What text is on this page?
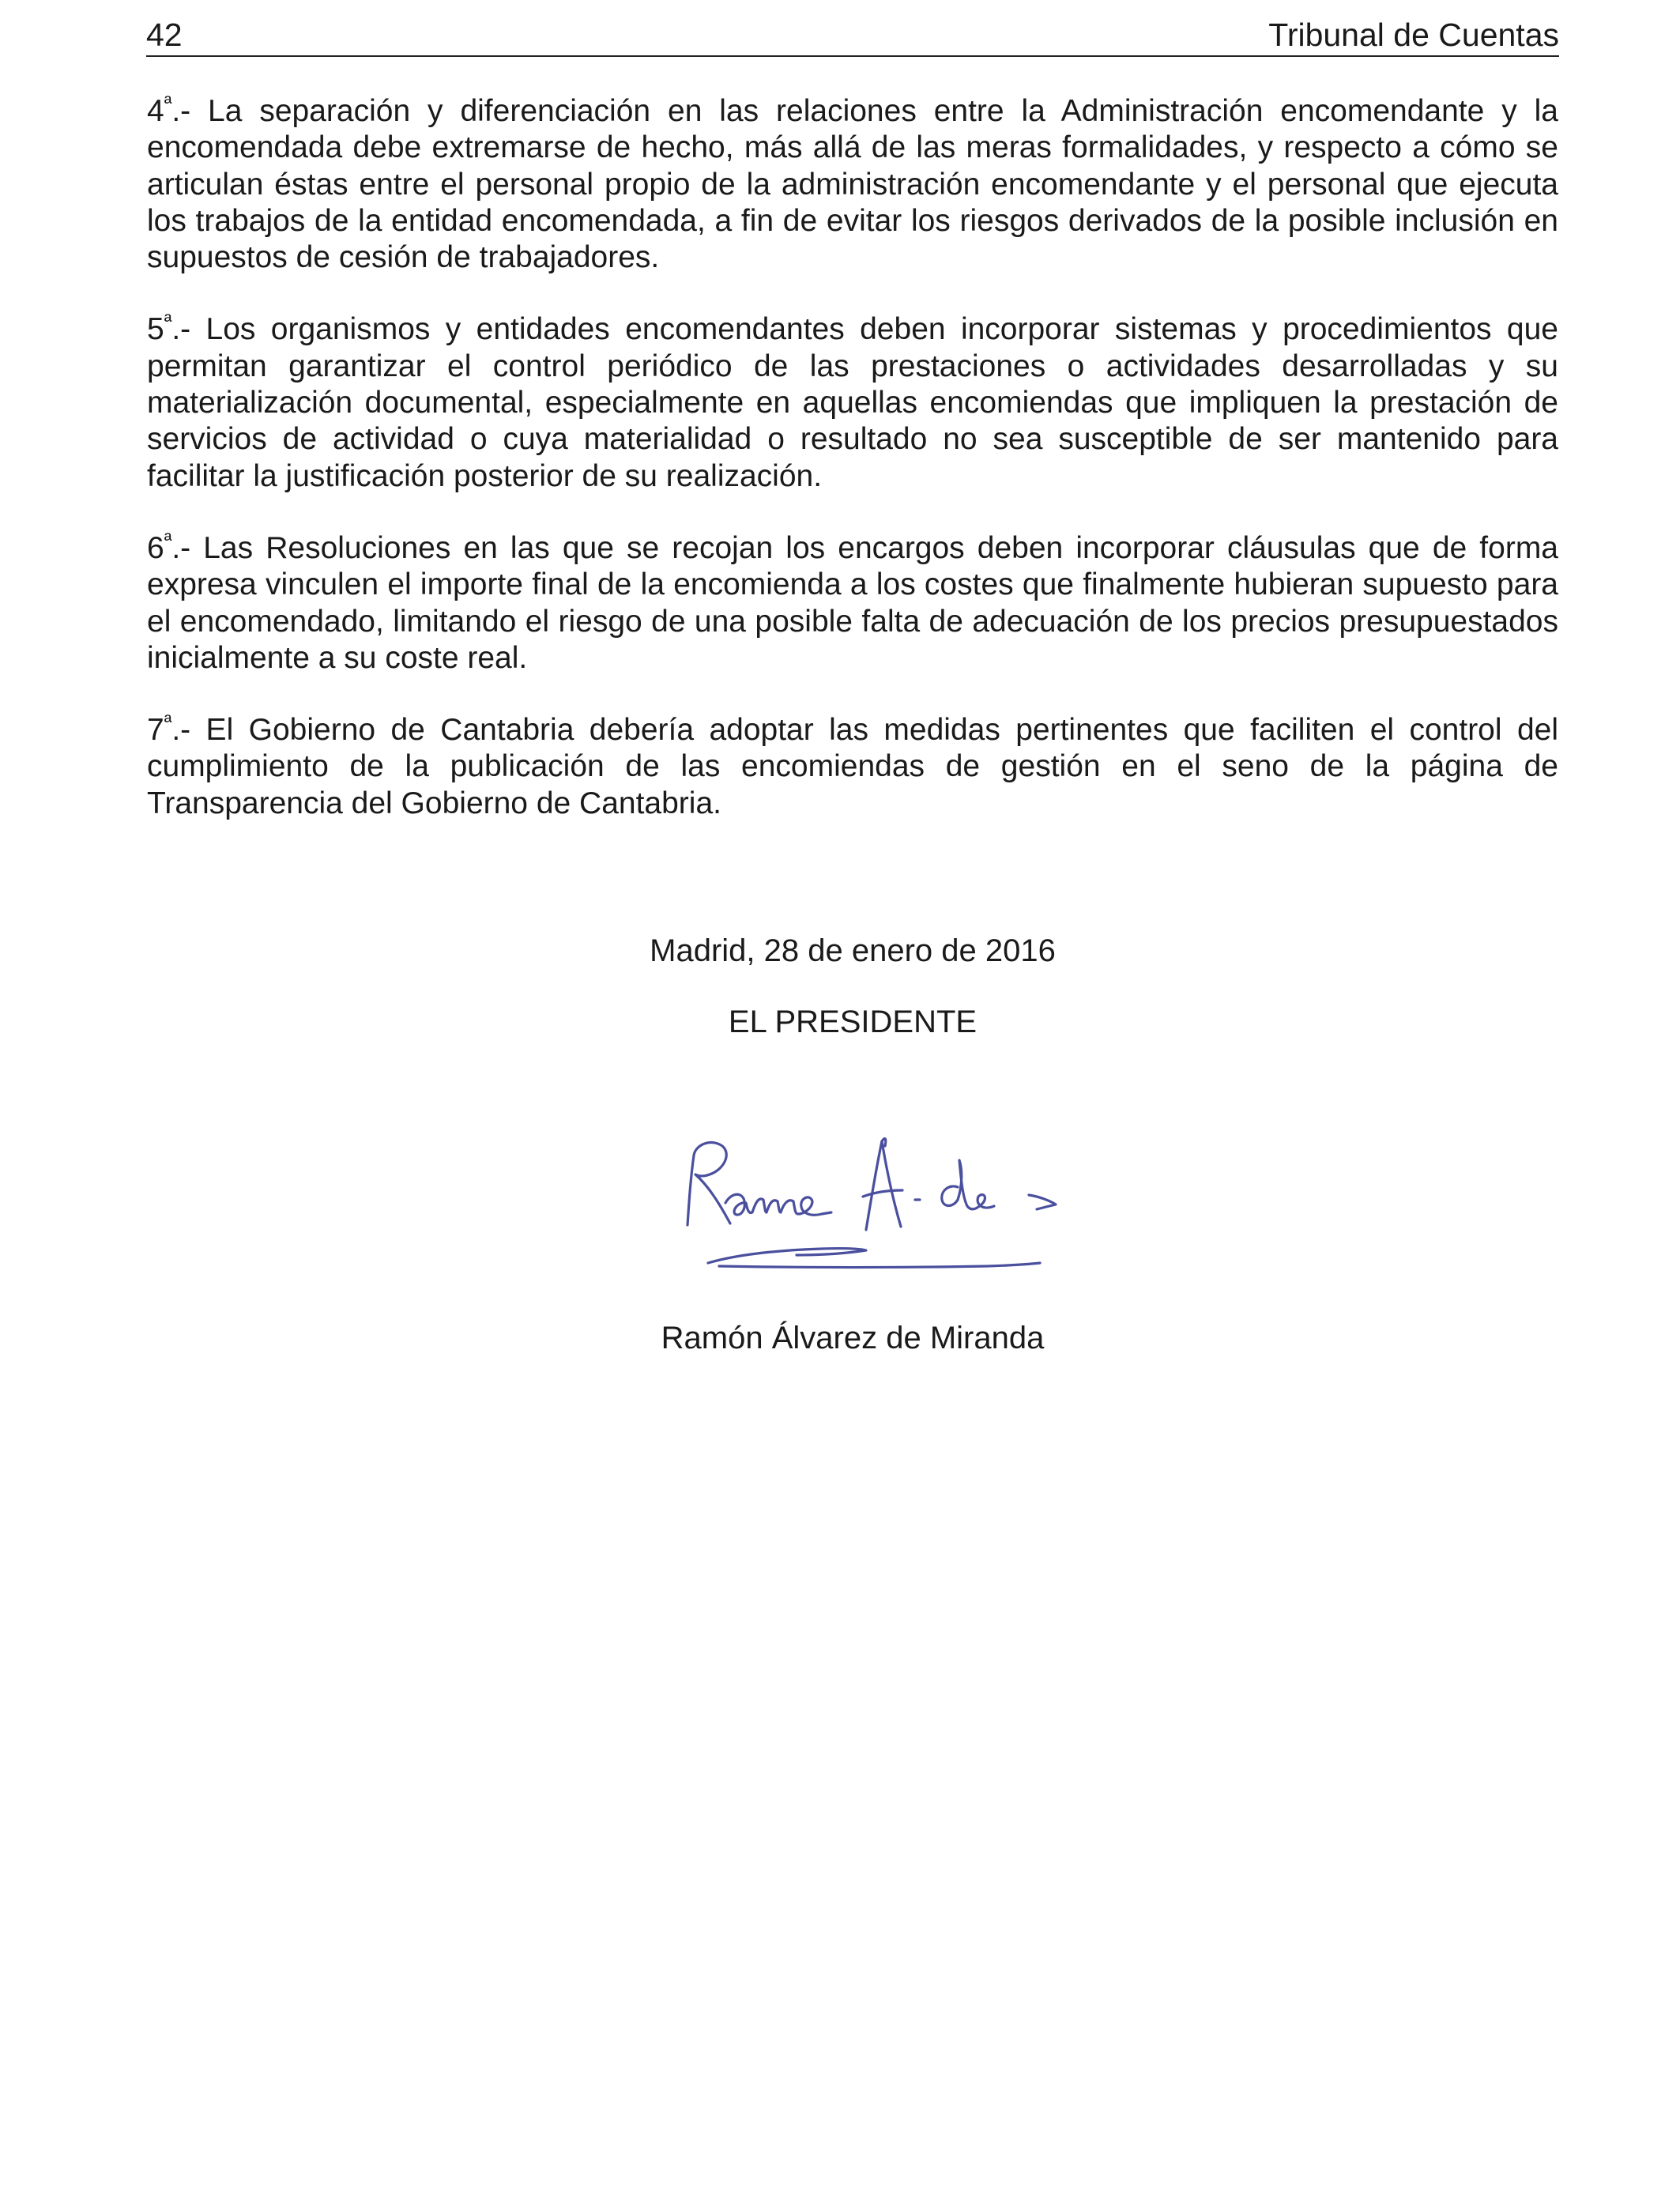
42	Tribunal de Cuentas

$4^ª.-$ La separación y diferenciación en las relaciones entre la Administración encomendante y la encomendada debe extremarse de hecho, más allá de las meras formalidades, y respecto a cómo se articulan éstas entre el personal propio de la administración encomendante y el personal que ejecuta los trabajos de la entidad encomendada, a fin de evitar los riesgos derivados de la posible inclusión en supuestos de cesión de trabajadores.

$5^ª.-$ Los organismos y entidades encomendantes deben incorporar sistemas y procedimientos que permitan garantizar el control periódico de las prestaciones o actividades desarrolladas y su materialización documental, especialmente en aquellas encomiendas que impliquen la prestación de servicios de actividad o cuya materialidad o resultado no sea susceptible de ser mantenido para facilitar la justificación posterior de su realización.

$6^ª.-$ Las Resoluciones en las que se recojan los encargos deben incorporar cláusulas que de forma expresa vinculen el importe final de la encomienda a los costes que finalmente hubieran supuesto para el encomendado, limitando el riesgo de una posible falta de adecuación de los precios presupuestados inicialmente a su coste real.

$7^ª.-$ El Gobierno de Cantabria debería adoptar las medidas pertinentes que faciliten el control del cumplimiento de la publicación de las encomiendas de gestión en el seno de la página de Transparencia del Gobierno de Cantabria.

Madrid, 28 de enero de 2016
EL PRESIDENTE
Ramón Álvarez de Miranda
